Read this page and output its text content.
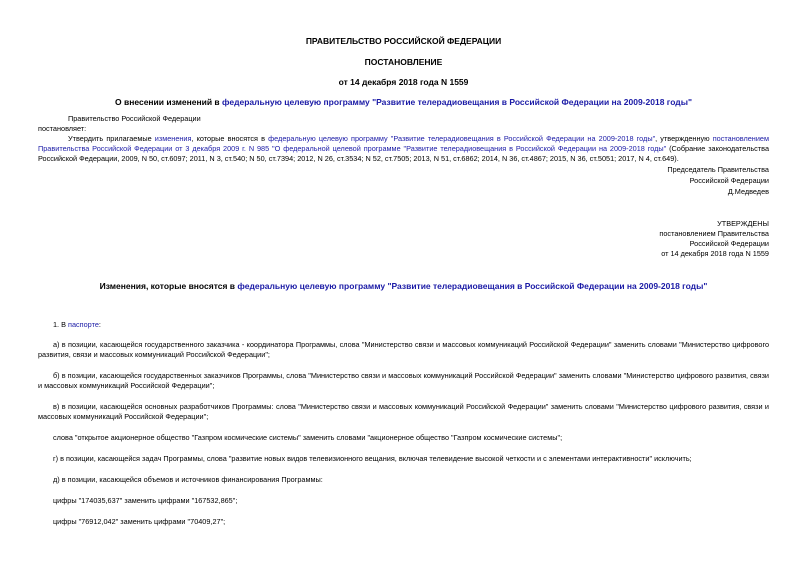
ПРАВИТЕЛЬСТВО РОССИЙСКОЙ ФЕДЕРАЦИИ
ПОСТАНОВЛЕНИЕ
от 14 декабря 2018 года N 1559
О внесении изменений в федеральную целевую программу "Развитие телерадиовещания в Российской Федерации на 2009-2018 годы"
Правительство Российской Федерации
постановляет:
Утвердить прилагаемые изменения, которые вносятся в федеральную целевую программу "Развитие телерадиовещания в Российской Федерации на 2009-2018 годы", утвержденную постановлением Правительства Российской Федерации от 3 декабря 2009 г. N 985 "О федеральной целевой программе "Развитие телерадиовещания в Российской Федерации на 2009-2018 годы" (Собрание законодательства Российской Федерации, 2009, N 50, ст.6097; 2011, N 3, ст.540; N 50, ст.7394; 2012, N 26, ст.3534; N 52, ст.7505; 2013, N 51, ст.6862; 2014, N 36, ст.4867; 2015, N 36, ст.5051; 2017, N 4, ст.649).
Председатель Правительства
Российской Федерации
Д.Медведев
УТВЕРЖДЕНЫ
постановлением Правительства
Российской Федерации
от 14 декабря 2018 года N 1559
Изменения, которые вносятся в федеральную целевую программу "Развитие телерадиовещания в Российской Федерации на 2009-2018 годы"
1. В паспорте:
а) в позиции, касающейся государственного заказчика - координатора Программы, слова "Министерство связи и массовых коммуникаций Российской Федерации" заменить словами "Министерство цифрового развития, связи и массовых коммуникаций Российской Федерации";
б) в позиции, касающейся государственных заказчиков Программы, слова "Министерство связи и массовых коммуникаций Российской Федерации" заменить словами "Министерство цифрового развития, связи и массовых коммуникаций Российской Федерации";
в) в позиции, касающейся основных разработчиков Программы: слова "Министерство связи и массовых коммуникаций Российской Федерации" заменить словами "Министерство цифрового развития, связи и массовых коммуникаций Российской Федерации";
слова "открытое акционерное общество "Газпром космические системы" заменить словами "акционерное общество "Газпром космические системы";
г) в позиции, касающейся задач Программы, слова "развитие новых видов телевизионного вещания, включая телевидение высокой четкости и с элементами интерактивности" исключить;
д) в позиции, касающейся объемов и источников финансирования Программы:
цифры "174035,637" заменить цифрами "167532,865";
цифры "76912,042" заменить цифрами "70409,27";
